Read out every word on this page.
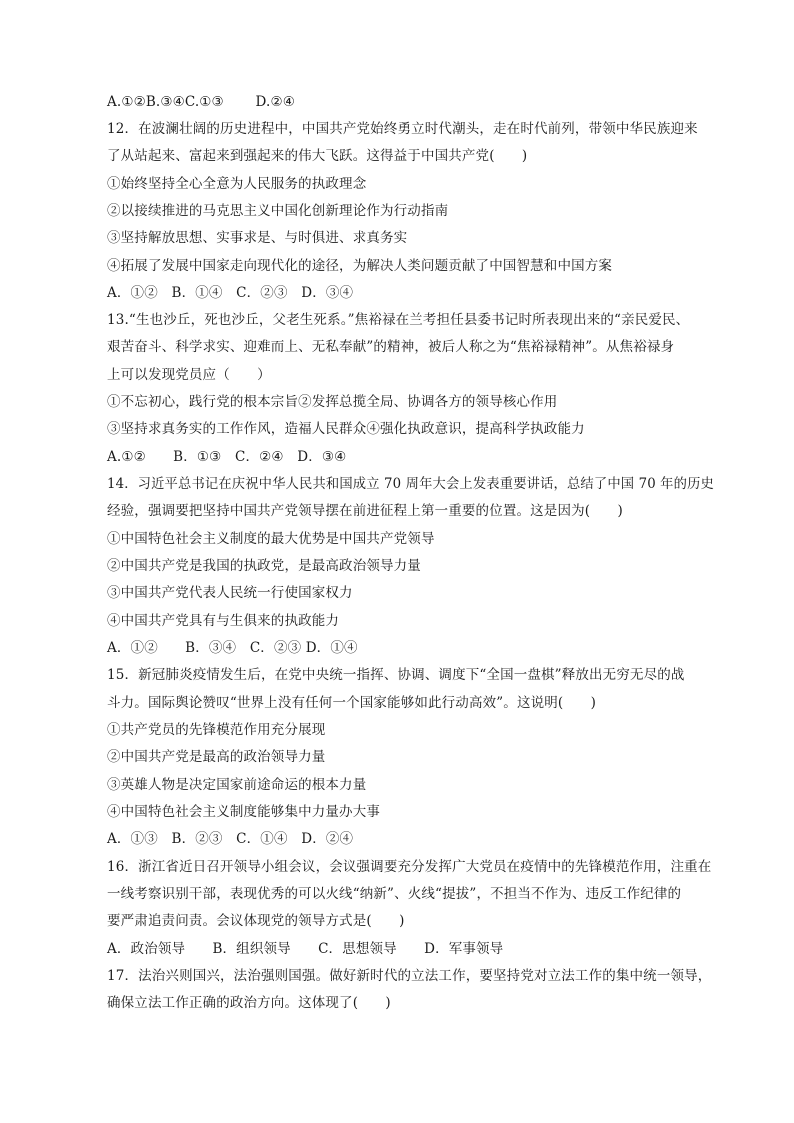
A.①②B.③④C.①③　　 D.②④
12．在波澜壮阔的历史进程中，中国共产党始终勇立时代潮头，走在时代前列，带领中华民族迎来
了从站起来、富起来到强起来的伟大飞跃。这得益于中国共产党(　　)
①始终坚持全心全意为人民服务的执政理念
②以接续推进的马克思主义中国化创新理论作为行动指南
③坚持解放思想、实事求是、与时俱进、求真务实
④拓展了发展中国家走向现代化的途径，为解决人类问题贡献了中国智慧和中国方案
A．①②　B．①④　C．②③　D．③④
13.“生也沙丘，死也沙丘，父老生死系。”焦裕禄在兰考担任县委书记时所表现出来的“亲民爱民、
艰苦奋斗、科学求实、迎难而上、无私奉献”的精神，被后人称之为“焦裕禄精神”。从焦裕禄身
上可以发现党员应（　　）
①不忘初心，践行党的根本宗旨②发挥总揽全局、协调各方的领导核心作用
③坚持求真务实的工作作风，造福人民群众④强化执政意识，提高科学执政能力
A.①②　　B．①③　C．②④　D．③④
14．习近平总书记在庆祝中华人民共和国成立 70 周年大会上发表重要讲话，总结了中国 70 年的历史
经验，强调要把坚持中国共产党领导摆在前进征程上第一重要的位置。这是因为(　　)
①中国特色社会主义制度的最大优势是中国共产党领导
②中国共产党是我国的执政党，是最高政治领导力量
③中国共产党代表人民统一行使国家权力
④中国共产党具有与生俱来的执政能力
A．①②　　B．③④　C．②③ D．①④
15．新冠肺炎疫情发生后，在党中央统一指挥、协调、调度下“全国一盘棋”释放出无穷无尽的战
斗力。国际舆论赞叹“世界上没有任何一个国家能够如此行动高效”。这说明(　　)
①共产党员的先锋模范作用充分展现
②中国共产党是最高的政治领导力量
③英雄人物是决定国家前途命运的根本力量
④中国特色社会主义制度能够集中力量办大事
A．①③　B．②③　C．①④　D．②④
16．浙江省近日召开领导小组会议，会议强调要充分发挥广大党员在疫情中的先锋模范作用，注重在
一线考察识别干部，表现优秀的可以火线“纳新”、火线“提拔”，不担当不作为、违反工作纪律的
要严肃追责问责。会议体现党的领导方式是(　　)
A．政治领导　　B．组织领导　　C．思想领导　　D．军事领导
17．法治兴则国兴，法治强则国强。做好新时代的立法工作，要坚持党对立法工作的集中统一领导，
确保立法工作正确的政治方向。这体现了(　　)
